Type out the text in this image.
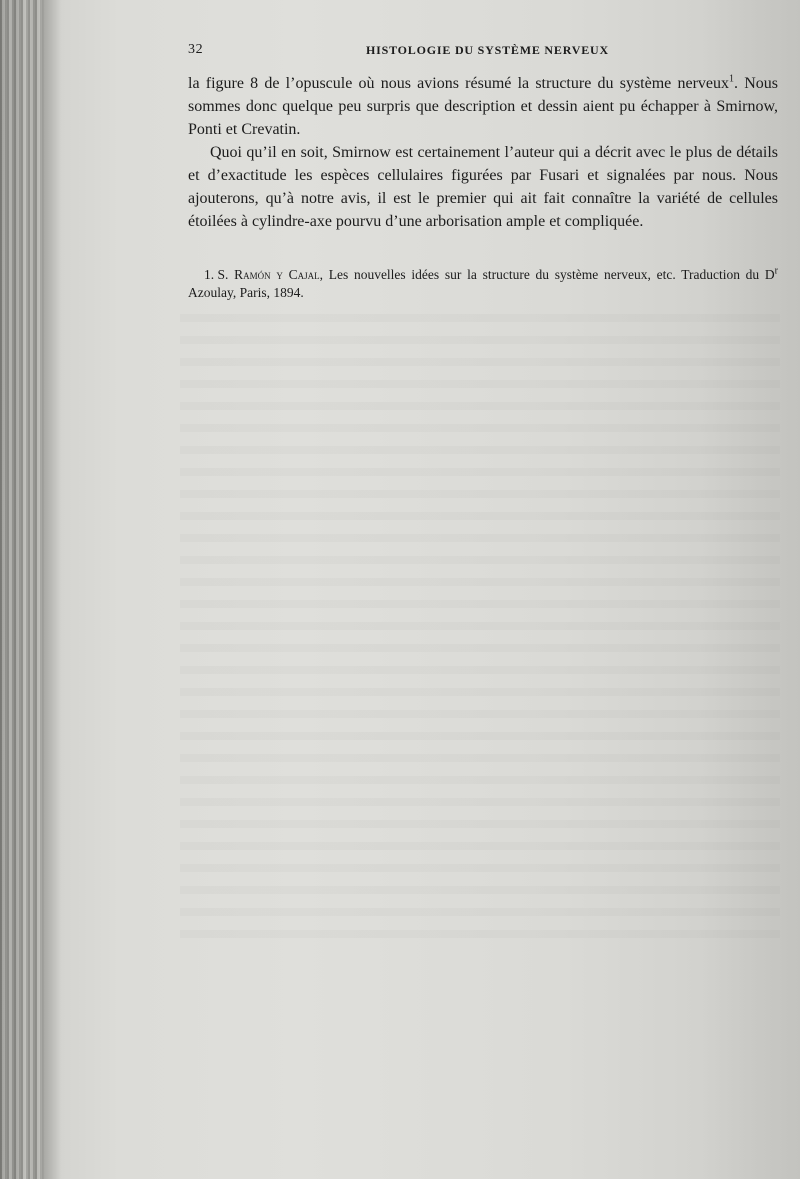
32	HISTOLOGIE DU SYSTÈME NERVEUX

la figure 8 de l’opuscule où nous avions résumé la structure du système nerveux$^1$. Nous sommes donc quelque peu surpris que description et dessin aient pu échapper à Smirnow, Ponti et Crevatin.

Quoi qu’il en soit, Smirnow est certainement l’auteur qui a décrit avec le plus de détails et d’exactitude les espèces cellulaires figurées par Fusari et signalées par nous. Nous ajouterons, qu’à notre avis, il est le premier qui ait fait connaître la variété de cellules étoilées à cylindre-axe pourvu d’une arborisation ample et compliquée.

1. S. Ramón y Cajal, Les nouvelles idées sur la structure du système nerveux, etc. Traduction du D$^r$ Azoulay, Paris, 1894.
